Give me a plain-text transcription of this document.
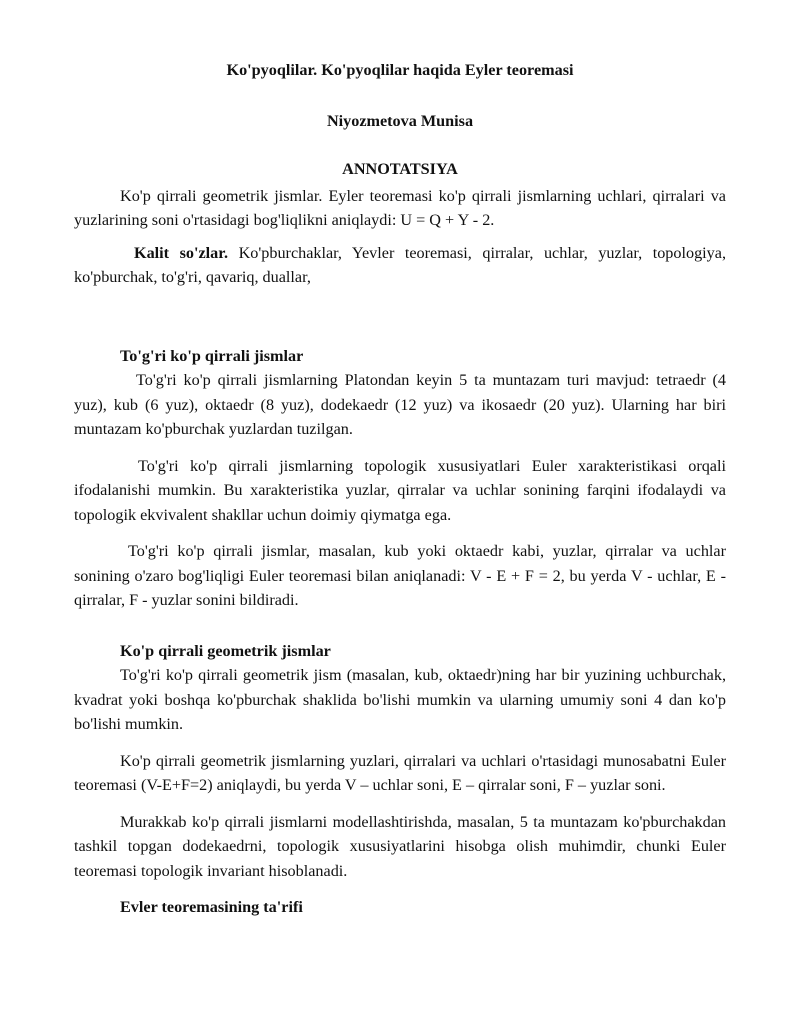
Ko'pyoqlilar. Ko'pyoqlilar haqida Eyler teoremasi
Niyozmetova Munisa
ANNOTATSIYA

Ko'p qirrali geometrik jismlar. Eyler teoremasi ko'p qirrali jismlarning uchlari, qirralari va yuzlarining soni o'rtasidagi bog'liqlikni aniqlaydi: U = Q + Y - 2.

Kalit so'zlar. Ko'pburchaklar, Yevler teoremasi, qirralar, uchlar, yuzlar, topologiya, ko'pburchak, to'g'ri, qavariq, duallar,

To'g'ri ko'p qirrali jismlar

To'g'ri ko'p qirrali jismlarning Platondan keyin 5 ta muntazam turi mavjud: tetraedr (4 yuz), kub (6 yuz), oktaedr (8 yuz), dodekaedr (12 yuz) va ikosaedr (20 yuz). Ularning har biri muntazam ko'pburchak yuzlardan tuzilgan.

To'g'ri ko'p qirrali jismlarning topologik xususiyatlari Euler xarakteristikasi orqali ifodalanishi mumkin. Bu xarakteristika yuzlar, qirralar va uchlar sonining farqini ifodalaydi va topologik ekvivalent shakllar uchun doimiy qiymatga ega.

To'g'ri ko'p qirrali jismlar, masalan, kub yoki oktaedr kabi, yuzlar, qirralar va uchlar sonining o'zaro bog'liqligi Euler teoremasi bilan aniqlanadi: V - E + F = 2, bu yerda V - uchlar, E - qirralar, F - yuzlar sonini bildiradi.

Ko'p qirrali geometrik jismlar

To'g'ri ko'p qirrali geometrik jism (masalan, kub, oktaedr)ning har bir yuzining uchburchak, kvadrat yoki boshqa ko'pburchak shaklida bo'lishi mumkin va ularning umumiy soni 4 dan ko'p bo'lishi mumkin.

Ko'p qirrali geometrik jismlarning yuzlari, qirralari va uchlari o'rtasidagi munosabatni Euler teoremasi (V-E+F=2) aniqlaydi, bu yerda V – uchlar soni, E – qirralar soni, F – yuzlar soni.

Murakkab ko'p qirrali jismlarni modellashtirishda, masalan, 5 ta muntazam ko'pburchakdan tashkil topgan dodekaedrni, topologik xususiyatlarini hisobga olish muhimdir, chunki Euler teoremasi topologik invariant hisoblanadi.

Evler teoremasining ta'rifi
